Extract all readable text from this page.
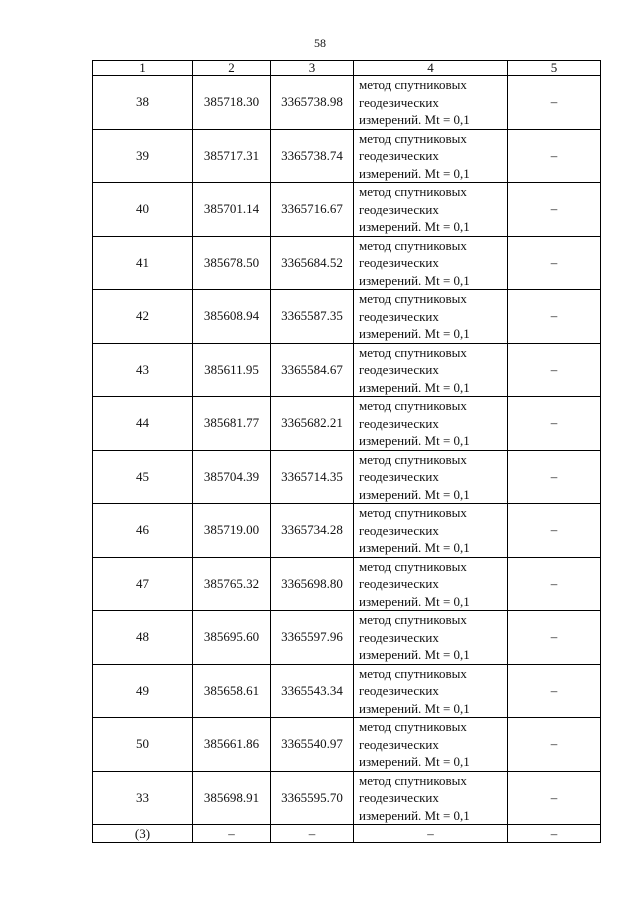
58
1	2	3	4	5
38	385718.30	3365738.98	метод спутниковых
геодезических
измерений. Mt = 0,1	–
39	385717.31	3365738.74	метод спутниковых
геодезических
измерений. Mt = 0,1	–
40	385701.14	3365716.67	метод спутниковых
геодезических
измерений. Mt = 0,1	–
41	385678.50	3365684.52	метод спутниковых
геодезических
измерений. Mt = 0,1	–
42	385608.94	3365587.35	метод спутниковых
геодезических
измерений. Mt = 0,1	–
43	385611.95	3365584.67	метод спутниковых
геодезических
измерений. Mt = 0,1	–
44	385681.77	3365682.21	метод спутниковых
геодезических
измерений. Mt = 0,1	–
45	385704.39	3365714.35	метод спутниковых
геодезических
измерений. Mt = 0,1	–
46	385719.00	3365734.28	метод спутниковых
геодезических
измерений. Mt = 0,1	–
47	385765.32	3365698.80	метод спутниковых
геодезических
измерений. Mt = 0,1	–
48	385695.60	3365597.96	метод спутниковых
геодезических
измерений. Mt = 0,1	–
49	385658.61	3365543.34	метод спутниковых
геодезических
измерений. Mt = 0,1	–
50	385661.86	3365540.97	метод спутниковых
геодезических
измерений. Mt = 0,1	–
33	385698.91	3365595.70	метод спутниковых
геодезических
измерений. Mt = 0,1	–
(3)	–	–	–	–
